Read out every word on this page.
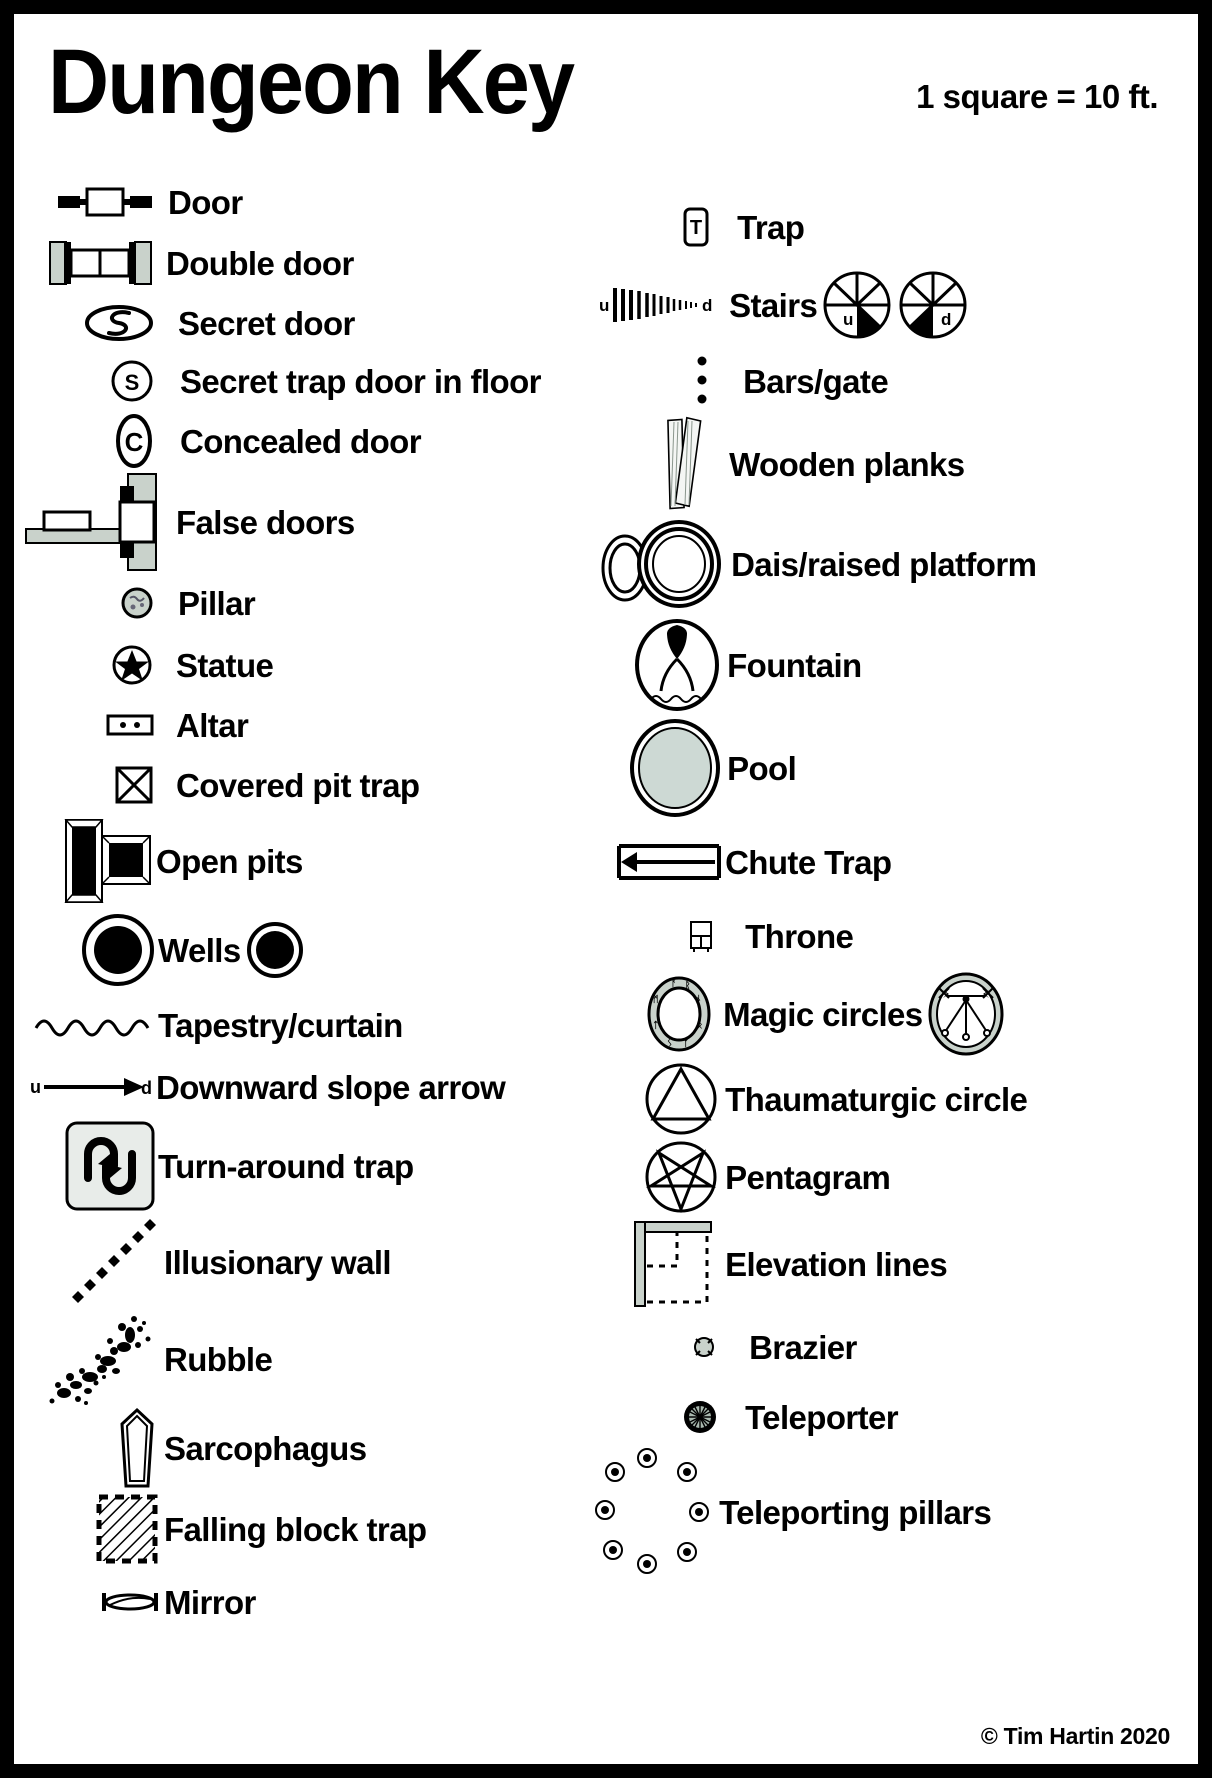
Dungeon Key	1 square = 10 ft.
Door
Double door
Secret door
S Secret trap door in floor
C Concealed door
False doors
Pillar
Statue
Altar
Covered pit trap
Open pits
Wells
Tapestry/curtain
u	d Downward slope arrow
Turn-around trap
Illusionary wall
Rubble
Sarcophagus
Falling block trap
Mirror
T Trap
u	d Stairs u	d
Bars/gate
Wooden planks
Dais/raised platform
Fountain
Pool
Chute Trap
Throne
ᚨ ᚱ
ᚾ
ᛟ
ᛉ
ᛊ
ᛏ
ᛗ Magic circles
Thaumaturgic circle
Pentagram
Elevation lines
Brazier
Teleporter
Teleporting pillars
© Tim Hartin 2020
